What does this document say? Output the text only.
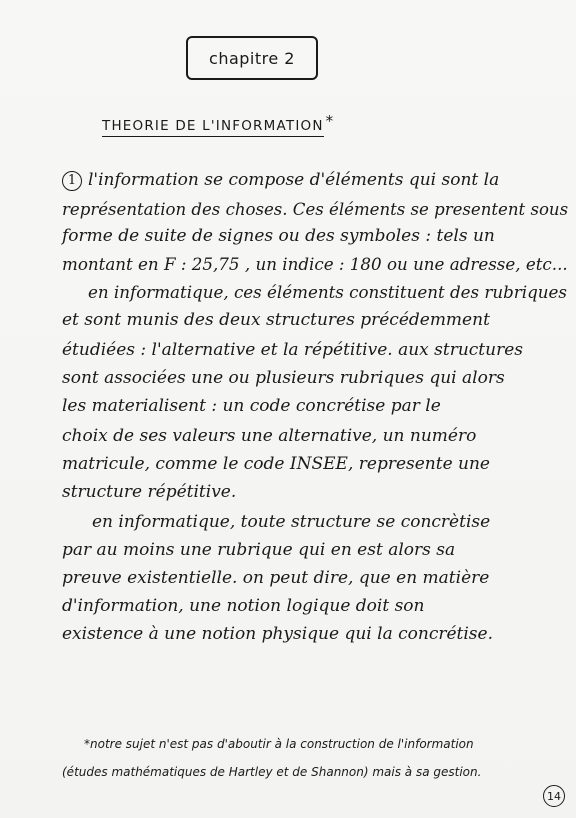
chapitre 2
THEORIE DE L'INFORMATION *
1 l'information se compose d'éléments qui sont la
représentation des choses. Ces éléments se presentent sous
forme de suite de signes ou des symboles : tels un
montant en F : 25,75 , un indice : 180 ou une adresse, etc...
en informatique, ces éléments constituent des rubriques
et sont munis des deux structures précédemment
étudiées : l'alternative et la répétitive. aux structures
sont associées une ou plusieurs rubriques qui alors
les materialisent : un code concrétise par le
choix de ses valeurs une alternative, un numéro
matricule, comme le code INSEE, represente une
structure répétitive.
en informatique, toute structure se concrètise
par au moins une rubrique qui en est alors sa
preuve existentielle. on peut dire, que en matière
d'information, une notion logique doit son
existence à une notion physique qui la concrétise.
*notre sujet n'est pas d'aboutir à la construction de l'information
(études mathématiques de Hartley et de Shannon) mais à sa gestion.
14
